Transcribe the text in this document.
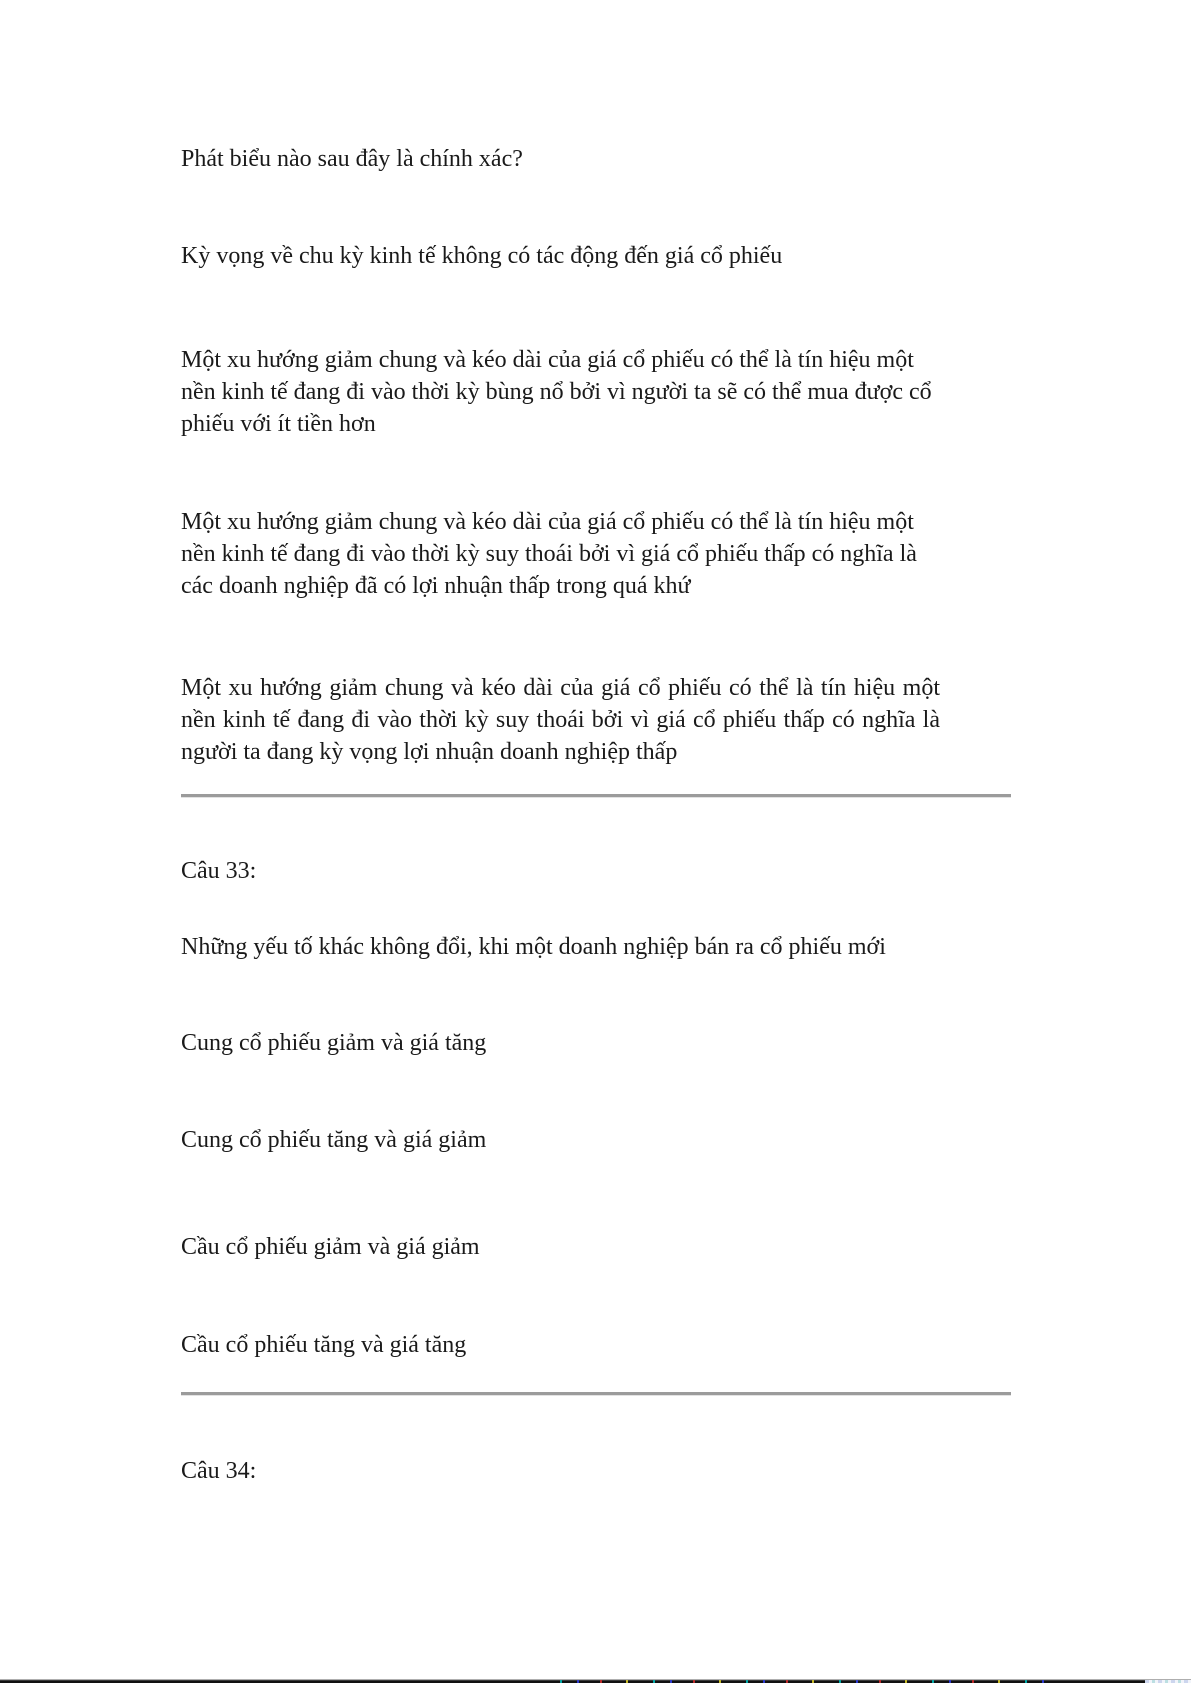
Phát biểu nào sau đây là chính xác?
Kỳ vọng về chu kỳ kinh tế không có tác động đến giá cổ phiếu
Một xu hướng giảm chung và kéo dài của giá cổ phiếu có thể là tín hiệu một
nền kinh tế đang đi vào thời kỳ bùng nổ bởi vì người ta sẽ có thể mua được cổ
phiếu với ít tiền hơn
Một xu hướng giảm chung và kéo dài của giá cổ phiếu có thể là tín hiệu một
nền kinh tế đang đi vào thời kỳ suy thoái bởi vì giá cổ phiếu thấp có nghĩa là
các doanh nghiệp đã có lợi nhuận thấp trong quá khứ
Một xu hướng giảm chung và kéo dài của giá cổ phiếu có thể là tín hiệu một
nền kinh tế đang đi vào thời kỳ suy thoái bởi vì giá cổ phiếu thấp có nghĩa là
người ta đang kỳ vọng lợi nhuận doanh nghiệp thấp
Câu 33:
Những yếu tố khác không đổi, khi một doanh nghiệp bán ra cổ phiếu mới
Cung cổ phiếu giảm và giá tăng
Cung cổ phiếu tăng và giá giảm
Cầu cổ phiếu giảm và giá giảm
Cầu cổ phiếu tăng và giá tăng
Câu 34:
